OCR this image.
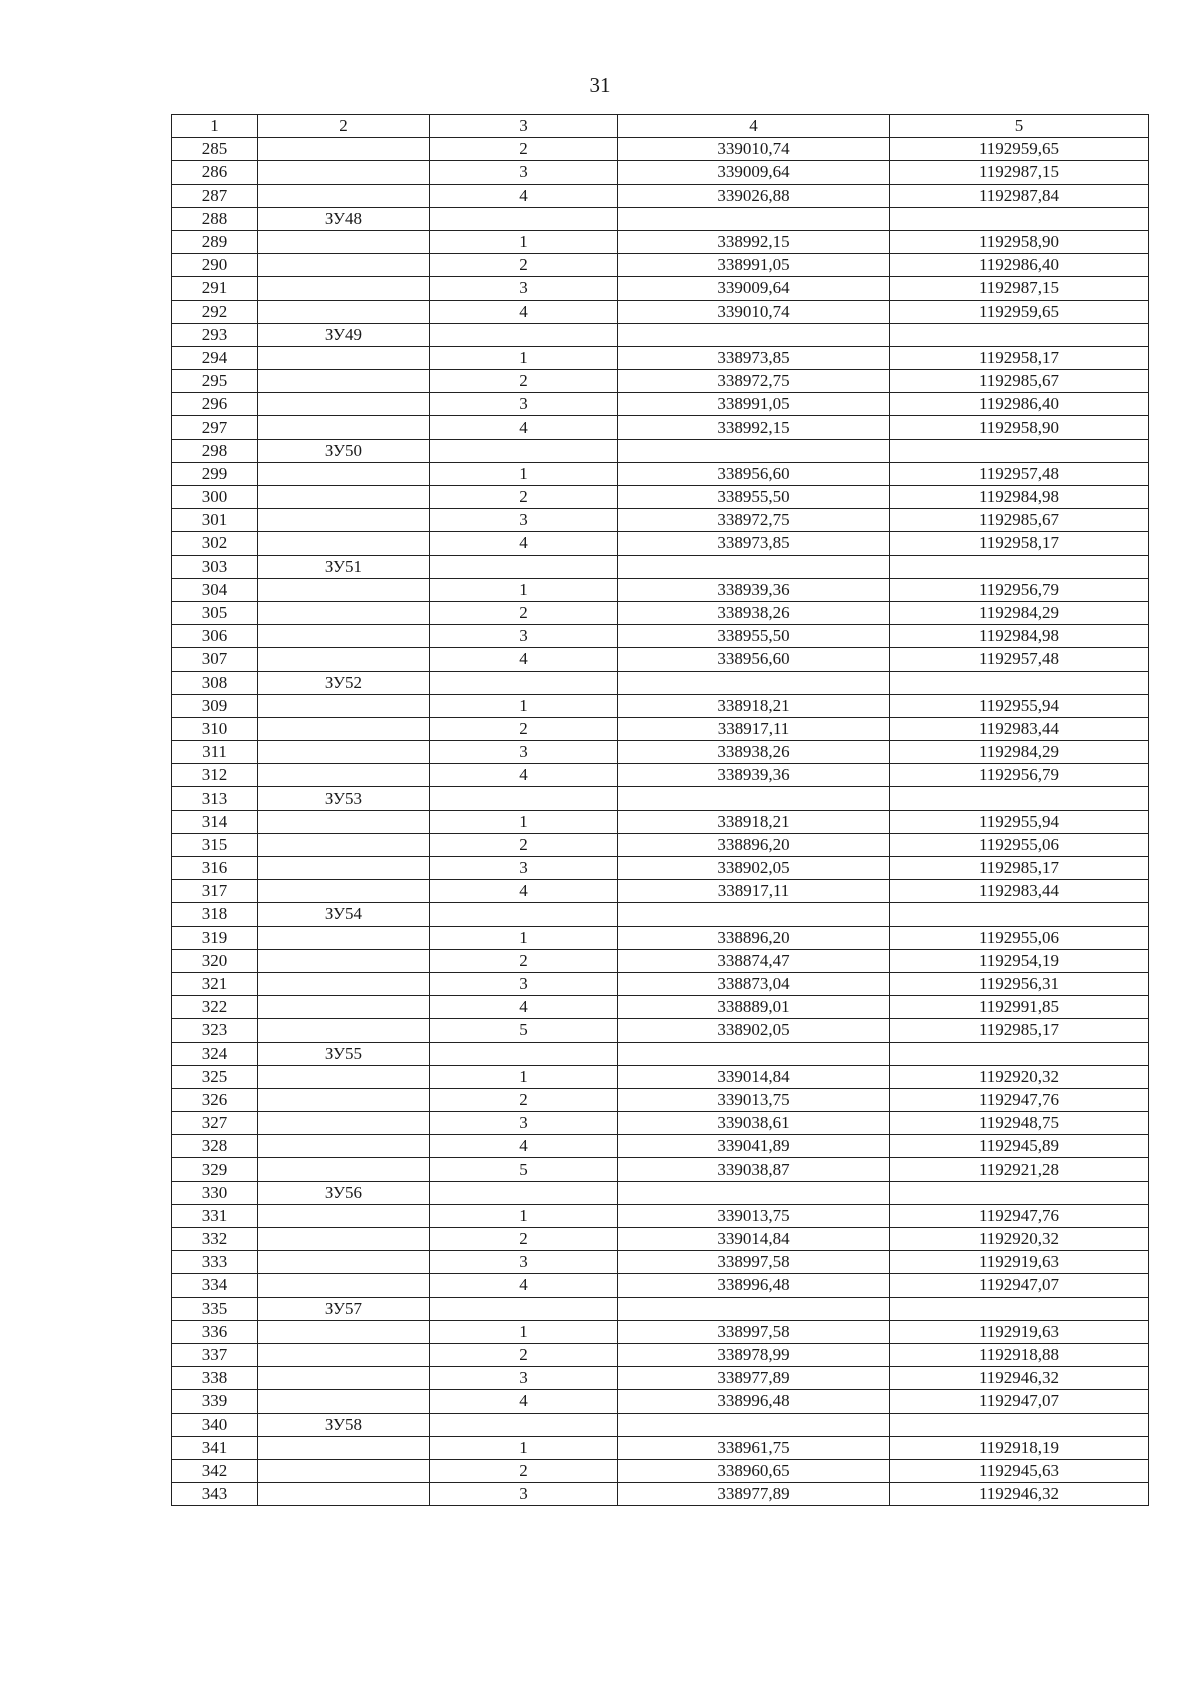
31
1	2	3	4	5
285		2	339010,74	1192959,65
286		3	339009,64	1192987,15
287		4	339026,88	1192987,84
288	ЗУ48			
289		1	338992,15	1192958,90
290		2	338991,05	1192986,40
291		3	339009,64	1192987,15
292		4	339010,74	1192959,65
293	ЗУ49			
294		1	338973,85	1192958,17
295		2	338972,75	1192985,67
296		3	338991,05	1192986,40
297		4	338992,15	1192958,90
298	ЗУ50			
299		1	338956,60	1192957,48
300		2	338955,50	1192984,98
301		3	338972,75	1192985,67
302		4	338973,85	1192958,17
303	ЗУ51			
304		1	338939,36	1192956,79
305		2	338938,26	1192984,29
306		3	338955,50	1192984,98
307		4	338956,60	1192957,48
308	ЗУ52			
309		1	338918,21	1192955,94
310		2	338917,11	1192983,44
311		3	338938,26	1192984,29
312		4	338939,36	1192956,79
313	ЗУ53			
314		1	338918,21	1192955,94
315		2	338896,20	1192955,06
316		3	338902,05	1192985,17
317		4	338917,11	1192983,44
318	ЗУ54			
319		1	338896,20	1192955,06
320		2	338874,47	1192954,19
321		3	338873,04	1192956,31
322		4	338889,01	1192991,85
323		5	338902,05	1192985,17
324	ЗУ55			
325		1	339014,84	1192920,32
326		2	339013,75	1192947,76
327		3	339038,61	1192948,75
328		4	339041,89	1192945,89
329		5	339038,87	1192921,28
330	ЗУ56			
331		1	339013,75	1192947,76
332		2	339014,84	1192920,32
333		3	338997,58	1192919,63
334		4	338996,48	1192947,07
335	ЗУ57			
336		1	338997,58	1192919,63
337		2	338978,99	1192918,88
338		3	338977,89	1192946,32
339		4	338996,48	1192947,07
340	ЗУ58			
341		1	338961,75	1192918,19
342		2	338960,65	1192945,63
343		3	338977,89	1192946,32
